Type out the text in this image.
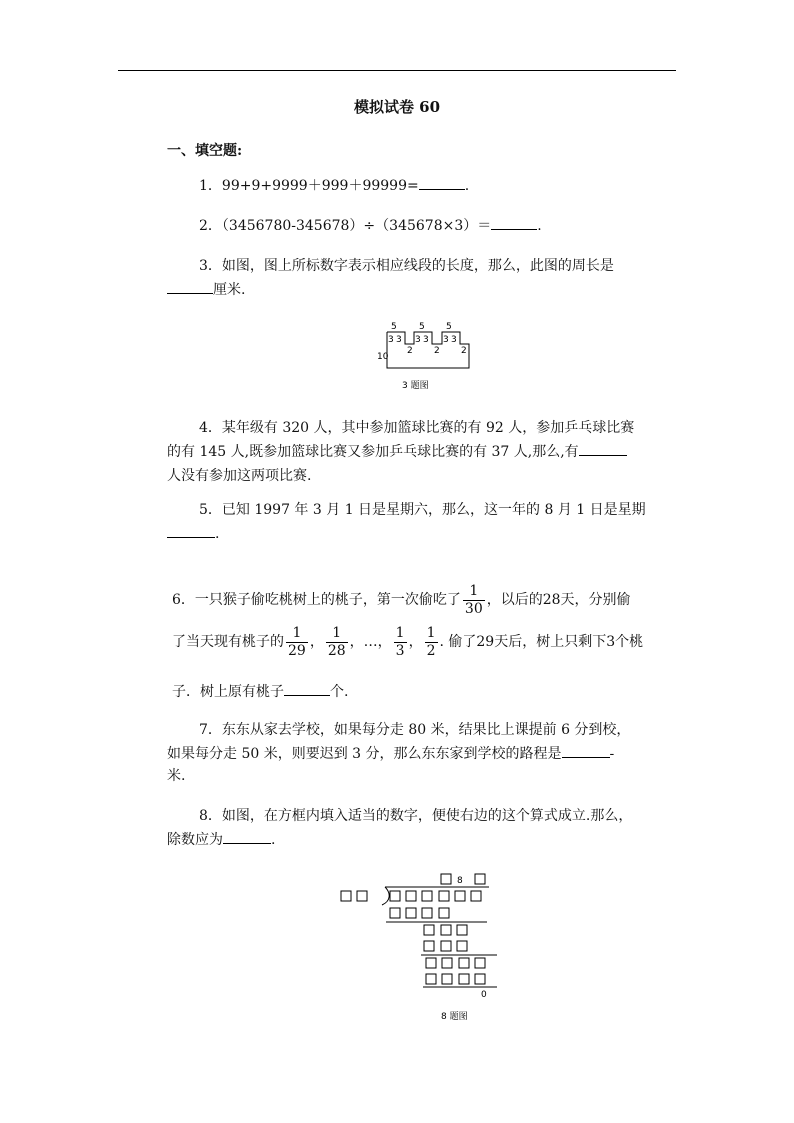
模拟试卷 60
一、填空题:
1．99+9+9999＋999＋99999=	.
2．（3456780-345678）÷（345678×3）＝	.
3．如图，图上所标数字表示相应线段的长度，那么，此图的周长是
厘米.
10
5 5 5
3 3
2
3 3
2
3 3
2
3 题图
4．某年级有 320 人，其中参加篮球比赛的有 92 人，参加乒乓球比赛
的有 145 人,既参加篮球比赛又参加乒乓球比赛的有 37 人,那么,有
人没有参加这两项比赛.
5．已知 1997 年 3 月 1 日是星期六，那么，这一年的 8 月 1 日是星期
.
6．一只猴子偷吃桃树上的桃子，第一次偷吃了 $\frac{1}{30}$ ，以后的28天，分别偷
了当天现有桃子的 $\frac{1}{29}$ ， $\frac{1}{28}$ ，…， $\frac{1}{3}$ ， $\frac{1}{2}$ . 偷了29天后，树上只剩下3个桃
子．树上原有桃子	个.
7．东东从家去学校，如果每分走 80 米，结果比上课提前 6 分到校，
如果每分走 50 米，则要迟到 3 分，那么东东家到学校的路程是	-
米.
8．如图，在方框内填入适当的数字，便使右边的这个算式成立.那么，
除数应为	.
8
0
8 题图
